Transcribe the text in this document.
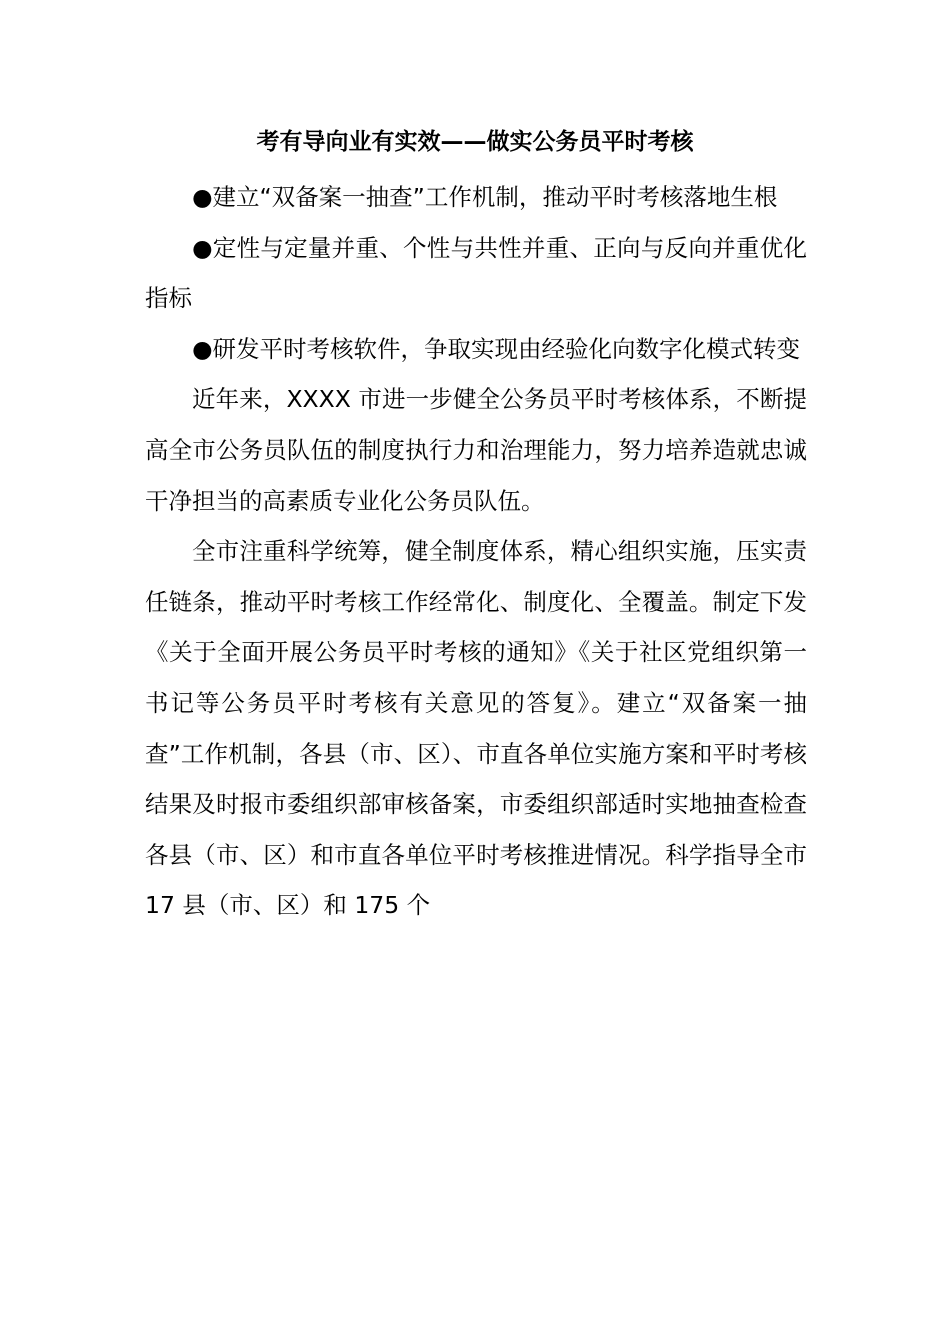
考有导向业有实效——做实公务员平时考核

●建立“双备案一抽查”工作机制，推动平时考核落地生根

●定性与定量并重、个性与共性并重、正向与反向并重优化指标

●研发平时考核软件，争取实现由经验化向数字化模式转变

近年来，XXXX 市进一步健全公务员平时考核体系，不断提高全市公务员队伍的制度执行力和治理能力，努力培养造就忠诚干净担当的高素质专业化公务员队伍。

全市注重科学统筹，健全制度体系，精心组织实施，压实责任链条，推动平时考核工作经常化、制度化、全覆盖。制定下发《关于全面开展公务员平时考核的通知》《关于社区党组织第一书记等公务员平时考核有关意见的答复》。建立“双备案一抽查”工作机制，各县（市、区）、市直各单位实施方案和平时考核结果及时报市委组织部审核备案，市委组织部适时实地抽查检查各县（市、区）和市直各单位平时考核推进情况。科学指导全市 17 县（市、区）和 175 个
